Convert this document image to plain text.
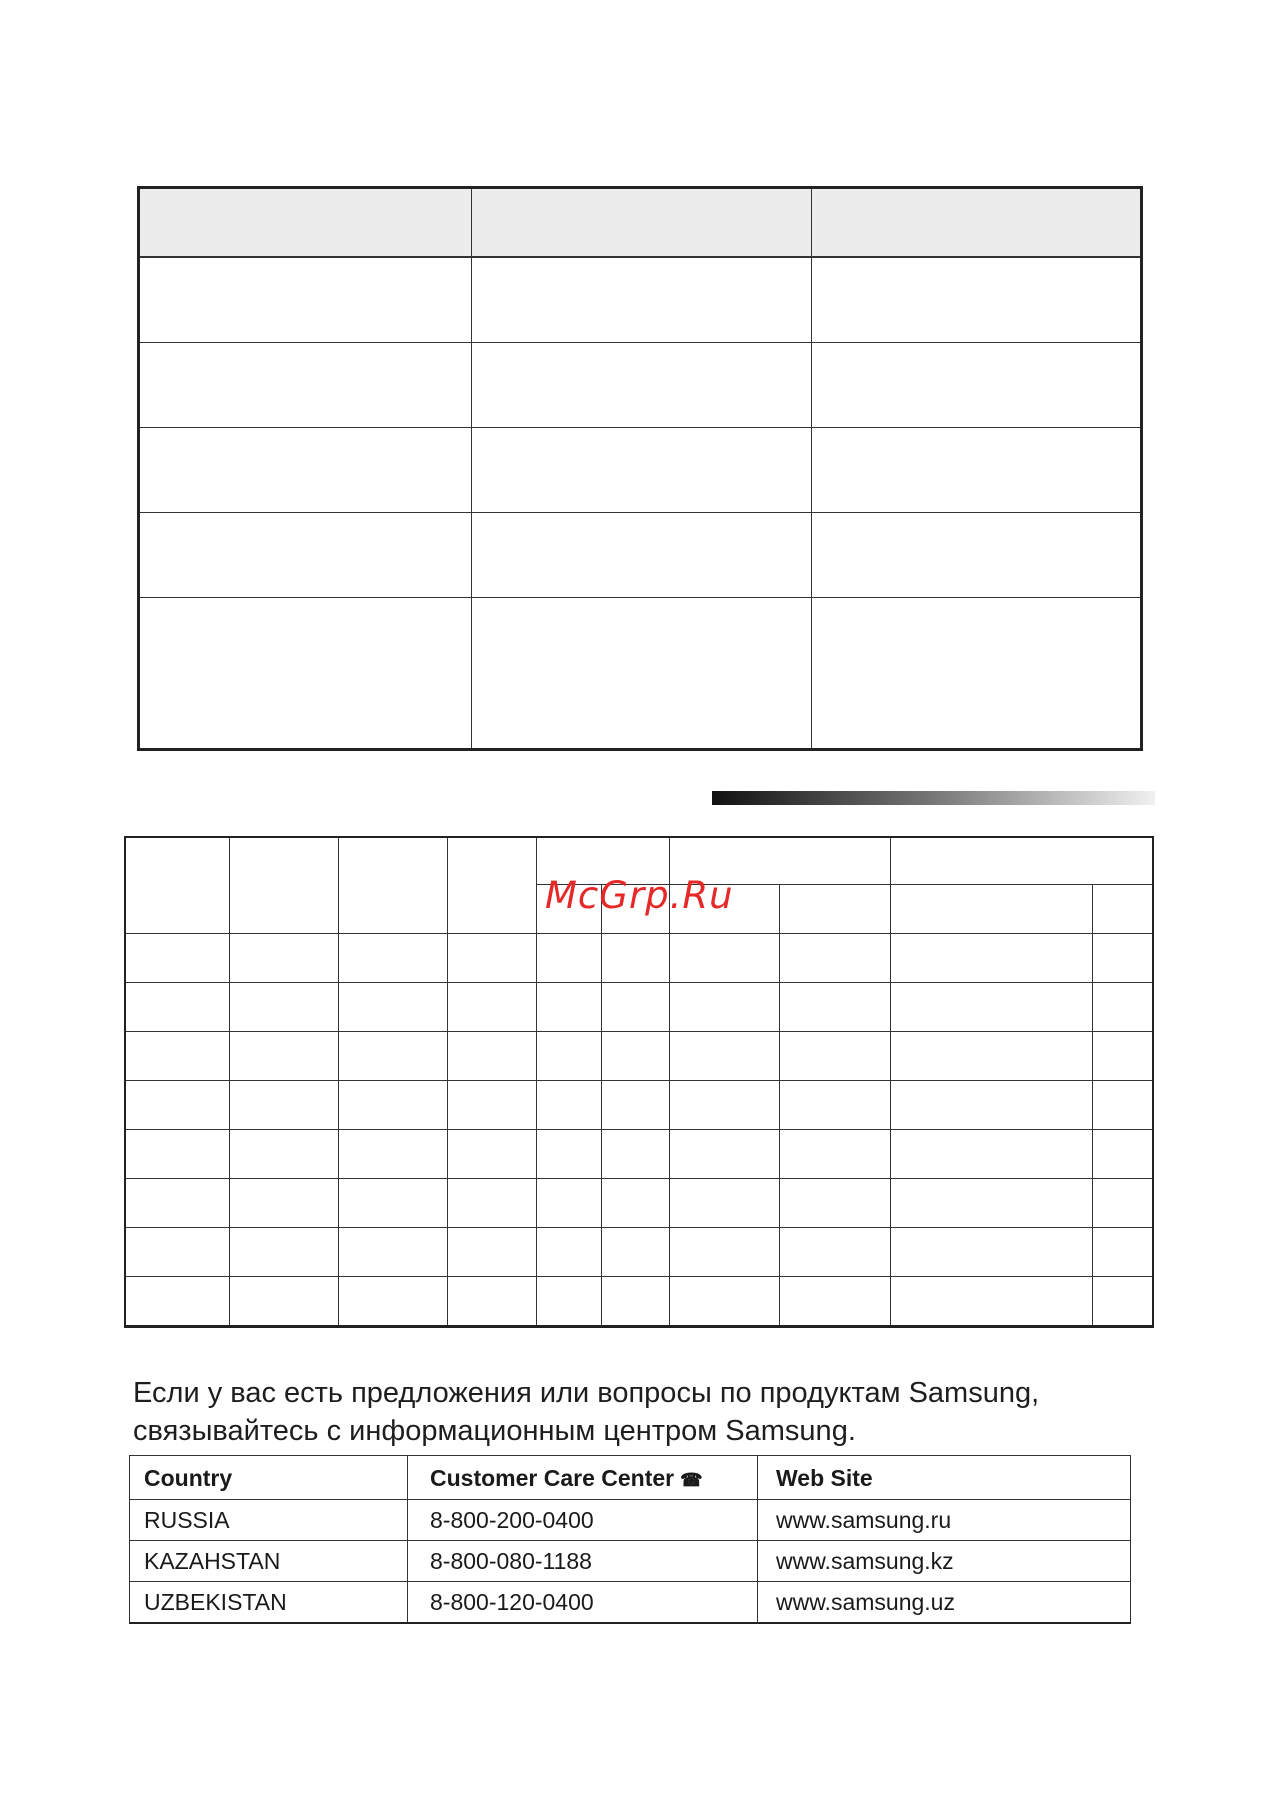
McGrp.Ru
Если у вас есть предложения или вопросы по продуктам Samsung,
связывайтесь с информационным центром Samsung.
Country	Customer Care Center ☎	Web Site
RUSSIA	8-800-200-0400	www.samsung.ru
KAZAHSTAN	8-800-080-1188	www.samsung.kz
UZBEKISTAN	8-800-120-0400	www.samsung.uz
